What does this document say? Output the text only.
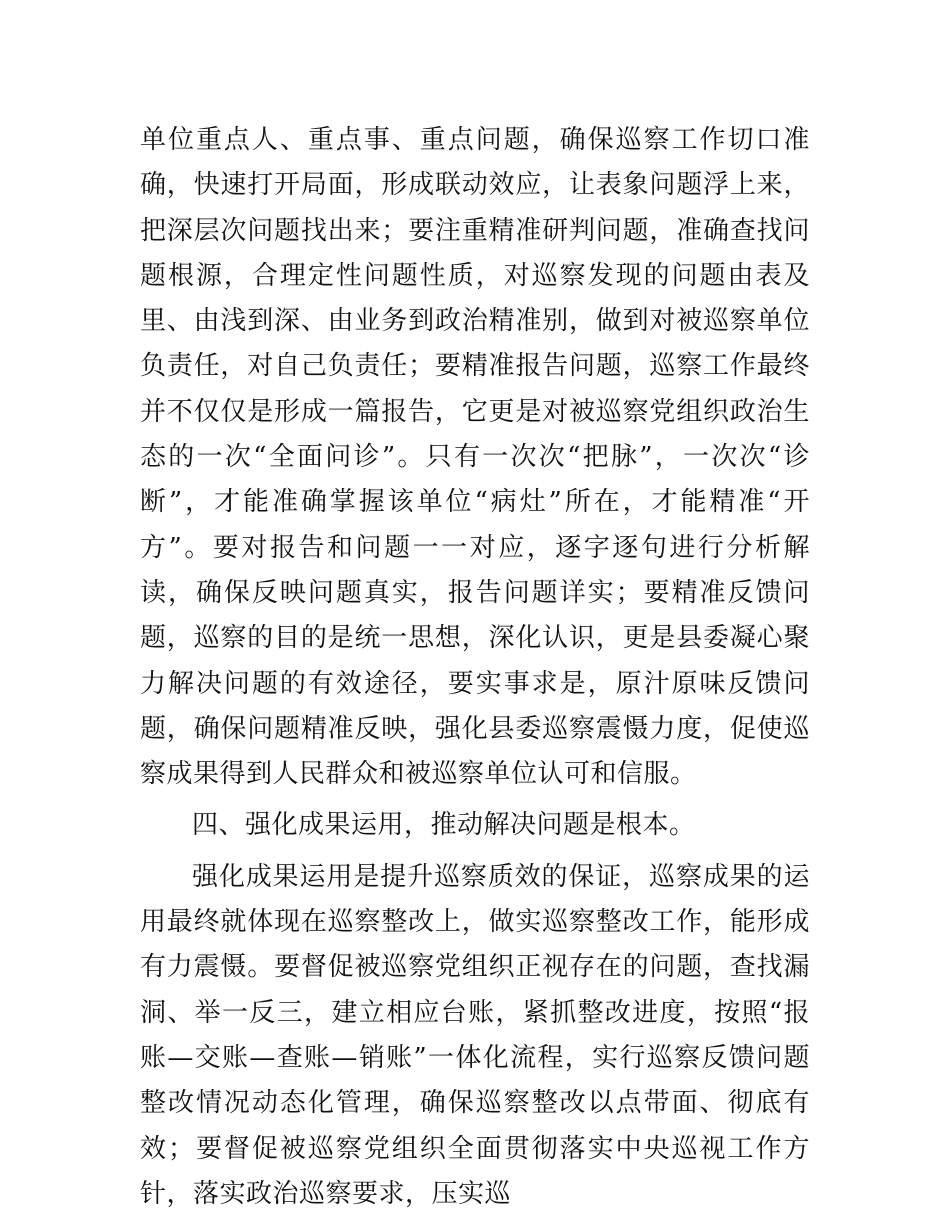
单位重点人、重点事、重点问题，确保巡察工作切口准确，快速打开局面，形成联动效应，让表象问题浮上来，把深层次问题找出来；要注重精准研判问题，准确查找问题根源，合理定性问题性质，对巡察发现的问题由表及里、由浅到深、由业务到政治精准别，做到对被巡察单位负责任，对自己负责任；要精准报告问题，巡察工作最终并不仅仅是形成一篇报告，它更是对被巡察党组织政治生态的一次“全面问诊”。只有一次次“把脉”，一次次“诊断”，才能准确掌握该单位“病灶”所在，才能精准“开方”。要对报告和问题一一对应，逐字逐句进行分析解读，确保反映问题真实，报告问题详实；要精准反馈问题，巡察的目的是统一思想，深化认识，更是县委凝心聚力解决问题的有效途径，要实事求是，原汁原味反馈问题，确保问题精准反映，强化县委巡察震慑力度，促使巡察成果得到人民群众和被巡察单位认可和信服。

四、强化成果运用，推动解决问题是根本。

强化成果运用是提升巡察质效的保证，巡察成果的运用最终就体现在巡察整改上，做实巡察整改工作，能形成有力震慑。要督促被巡察党组织正视存在的问题，查找漏洞、举一反三，建立相应台账，紧抓整改进度，按照“报账—交账—查账—销账”一体化流程，实行巡察反馈问题整改情况动态化管理，确保巡察整改以点带面、彻底有效；要督促被巡察党组织全面贯彻落实中央巡视工作方针，落实政治巡察要求，压实巡
